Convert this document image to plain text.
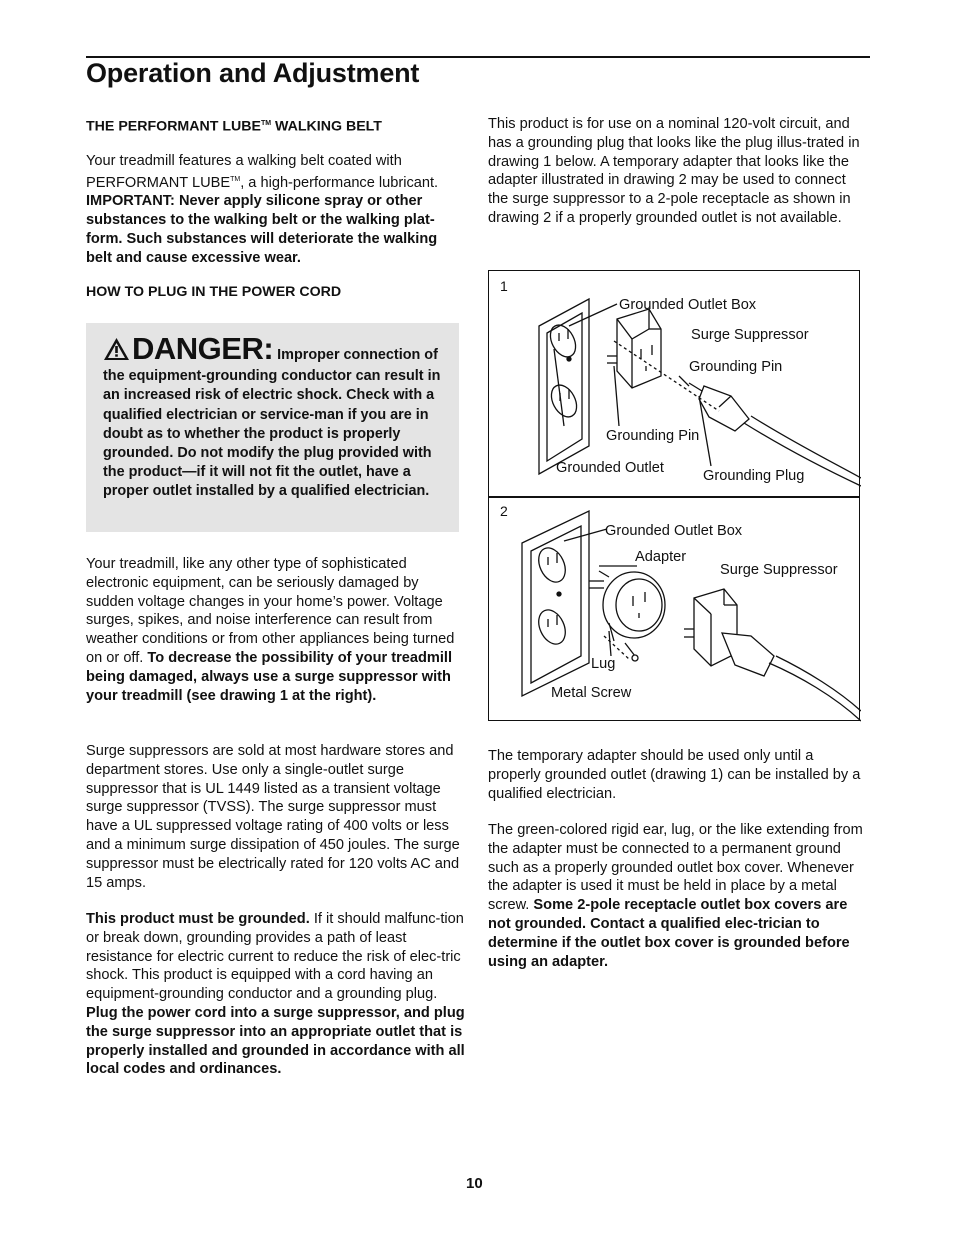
Operation and Adjustment

THE PERFORMANT LUBE™ WALKING BELT

Your treadmill features a walking belt coated with PERFORMANT LUBE™, a high-performance lubricant. IMPORTANT: Never apply silicone spray or other substances to the walking belt or the walking plat-form. Such substances will deteriorate the walking belt and cause excessive wear.

HOW TO PLUG IN THE POWER CORD

DANGER: Improper connection of the equipment-grounding conductor can result in an increased risk of electric shock. Check with a qualified electrician or service-man if you are in doubt as to whether the product is properly grounded. Do not modify the plug provided with the product—if it will not fit the outlet, have a proper outlet installed by a qualified electrician.

Your treadmill, like any other type of sophisticated electronic equipment, can be seriously damaged by sudden voltage changes in your home’s power. Voltage surges, spikes, and noise interference can result from weather conditions or from other appliances being turned on or off. To decrease the possibility of your treadmill being damaged, always use a surge suppressor with your treadmill (see drawing 1 at the right).

Surge suppressors are sold at most hardware stores and department stores. Use only a single-outlet surge suppressor that is UL 1449 listed as a transient voltage surge suppressor (TVSS). The surge suppressor must have a UL suppressed voltage rating of 400 volts or less and a minimum surge dissipation of 450 joules. The surge suppressor must be electrically rated for 120 volts AC and 15 amps.

This product must be grounded. If it should malfunc-tion or break down, grounding provides a path of least resistance for electric current to reduce the risk of elec-tric shock. This product is equipped with a cord having an equipment-grounding conductor and a grounding plug. Plug the power cord into a surge suppressor, and plug the surge suppressor into an appropriate outlet that is properly installed and grounded in accordance with all local codes and ordinances.

This product is for use on a nominal 120-volt circuit, and has a grounding plug that looks like the plug illus-trated in drawing 1 below. A temporary adapter that looks like the adapter illustrated in drawing 2 may be used to connect the surge suppressor to a 2-pole receptacle as shown in drawing 2 if a properly grounded outlet is not available.

1
Grounded Outlet Box
Surge Suppressor
Grounding Pin
Grounding Pin
Grounded Outlet	Grounding Plug
2
Grounded Outlet Box
Adapter
Surge Suppressor
Lug
Metal Screw

The temporary adapter should be used only until a properly grounded outlet (drawing 1) can be installed by a qualified electrician.

The green-colored rigid ear, lug, or the like extending from the adapter must be connected to a permanent ground such as a properly grounded outlet box cover. Whenever the adapter is used it must be held in place by a metal screw. Some 2-pole receptacle outlet box covers are not grounded. Contact a qualified elec-trician to determine if the outlet box cover is grounded before using an adapter.

10
